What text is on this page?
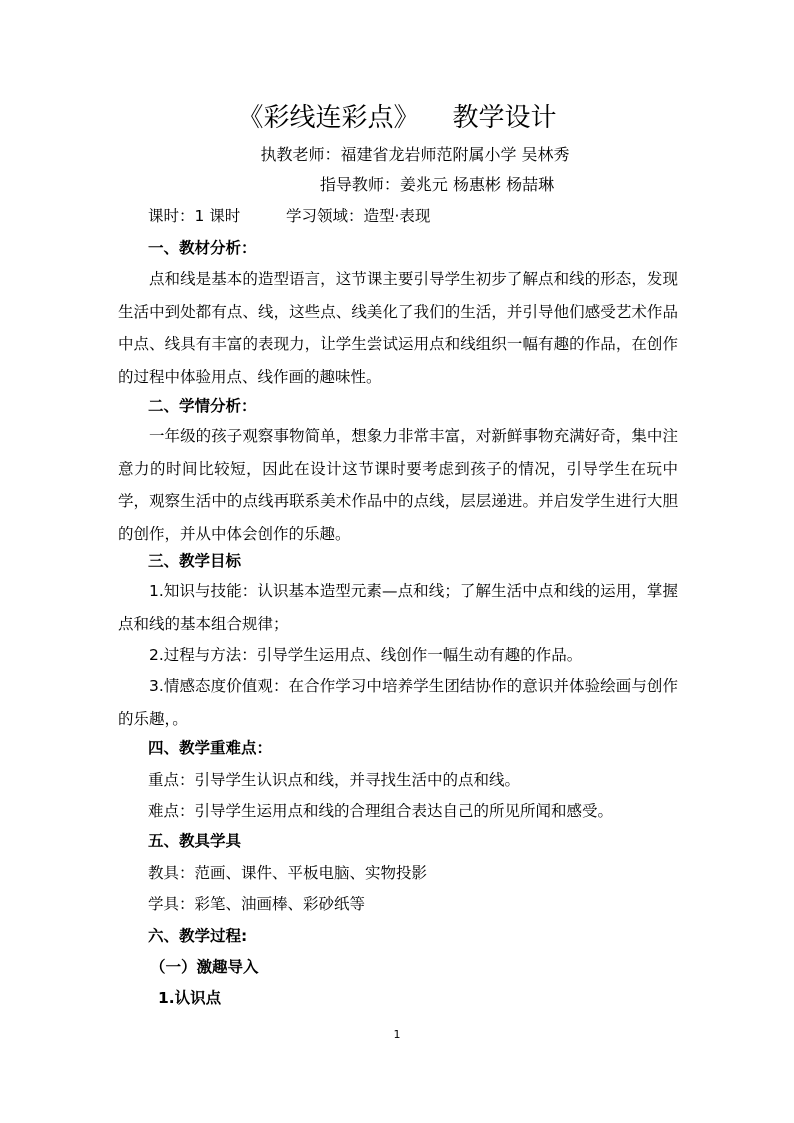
《彩线连彩点》    教学设计
执教老师：福建省龙岩师范附属小学 吴林秀
指导教师：姜兆元 杨惠彬 杨喆琳
课时：1 课时	学习领域：造型·表现
一、教材分析：
点和线是基本的造型语言，这节课主要引导学生初步了解点和线的形态，发现生活中到处都有点、线，这些点、线美化了我们的生活，并引导他们感受艺术作品中点、线具有丰富的表现力，让学生尝试运用点和线组织一幅有趣的作品，在创作的过程中体验用点、线作画的趣味性。
二、学情分析：
一年级的孩子观察事物简单，想象力非常丰富，对新鲜事物充满好奇，集中注意力的时间比较短，因此在设计这节课时要考虑到孩子的情况，引导学生在玩中学，观察生活中的点线再联系美术作品中的点线，层层递进。并启发学生进行大胆的创作，并从中体会创作的乐趣。
三、教学目标
1.知识与技能：认识基本造型元素—点和线；了解生活中点和线的运用，掌握点和线的基本组合规律；
2.过程与方法：引导学生运用点、线创作一幅生动有趣的作品。
3.情感态度价值观：在合作学习中培养学生团结协作的意识并体验绘画与创作的乐趣，。
四、教学重难点：
重点：引导学生认识点和线，并寻找生活中的点和线。
难点：引导学生运用点和线的合理组合表达自己的所见所闻和感受。
五、教具学具
教具：范画、课件、平板电脑、实物投影
学具：彩笔、油画棒、彩砂纸等
六、教学过程:
（一）激趣导入
1.认识点
1
